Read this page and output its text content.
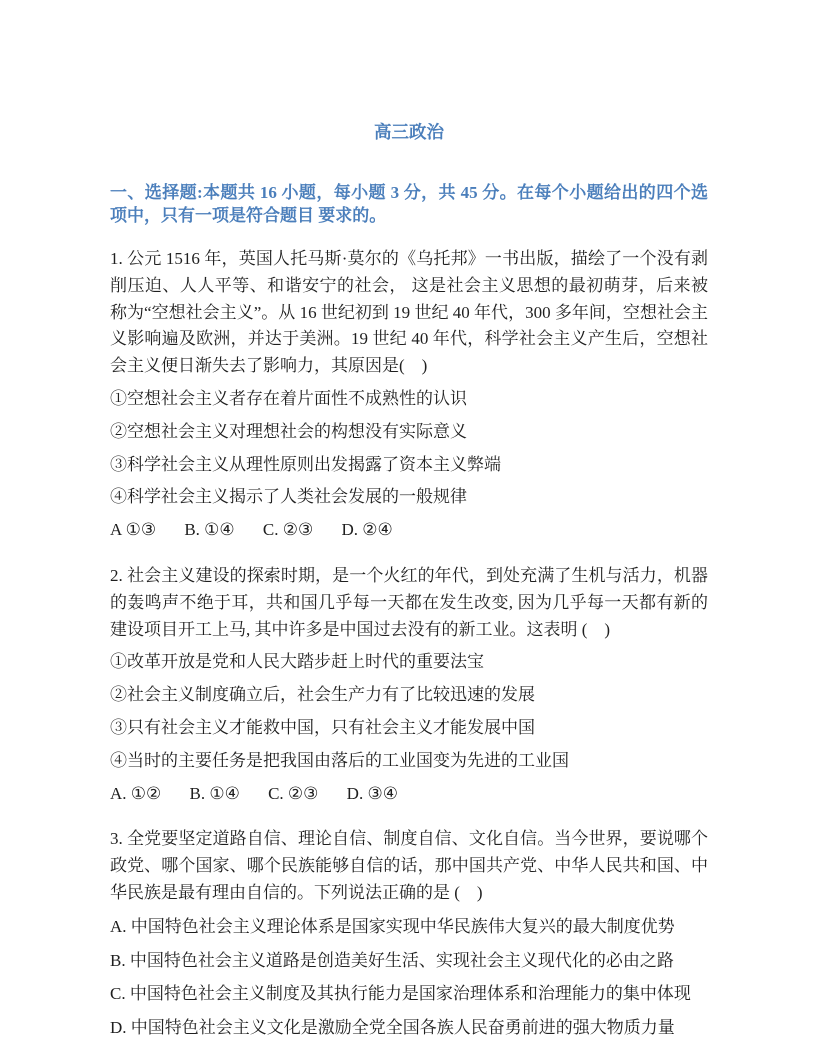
高三政治

一、选择题:本题共 16 小题，每小题 3 分，共 45 分。在每个小题给出的四个选项中，只有一项是符合题目 要求的。

1. 公元 1516 年，英国人托马斯·莫尔的《乌托邦》一书出版，描绘了一个没有剥削压迫、人人平等、和谐安宁的社会， 这是社会主义思想的最初萌芽，后来被称为“空想社会主义”。从 16 世纪初到 19 世纪 40 年代，300 多年间，空想社会主义影响遍及欧洲，并达于美洲。19 世纪 40 年代，科学社会主义产生后，空想社会主义便日渐失去了影响力，其原因是(　)

①空想社会主义者存在着片面性不成熟性的认识

②空想社会主义对理想社会的构想没有实际意义

③科学社会主义从理性原则出发揭露了资本主义弊端

④科学社会主义揭示了人类社会发展的一般规律

A ①③ B. ①④ C. ②③ D. ②④

2. 社会主义建设的探索时期，是一个火红的年代，到处充满了生机与活力，机器的轰鸣声不绝于耳，共和国几乎每一天都在发生改变, 因为几乎每一天都有新的建设项目开工上马, 其中许多是中国过去没有的新工业。这表明 (　)

①改革开放是党和人民大踏步赶上时代的重要法宝

②社会主义制度确立后，社会生产力有了比较迅速的发展

③只有社会主义才能救中国，只有社会主义才能发展中国

④当时的主要任务是把我国由落后的工业国变为先进的工业国

A. ①② B. ①④ C. ②③ D. ③④

3. 全党要坚定道路自信、理论自信、制度自信、文化自信。当今世界，要说哪个政党、哪个国家、哪个民族能够自信的话，那中国共产党、中华人民共和国、中华民族是最有理由自信的。下列说法正确的是 (　)

A. 中国特色社会主义理论体系是国家实现中华民族伟大复兴的最大制度优势

B. 中国特色社会主义道路是创造美好生活、实现社会主义现代化的必由之路

C. 中国特色社会主义制度及其执行能力是国家治理体系和治理能力的集中体现

D. 中国特色社会主义文化是激励全党全国各族人民奋勇前进的强大物质力量
